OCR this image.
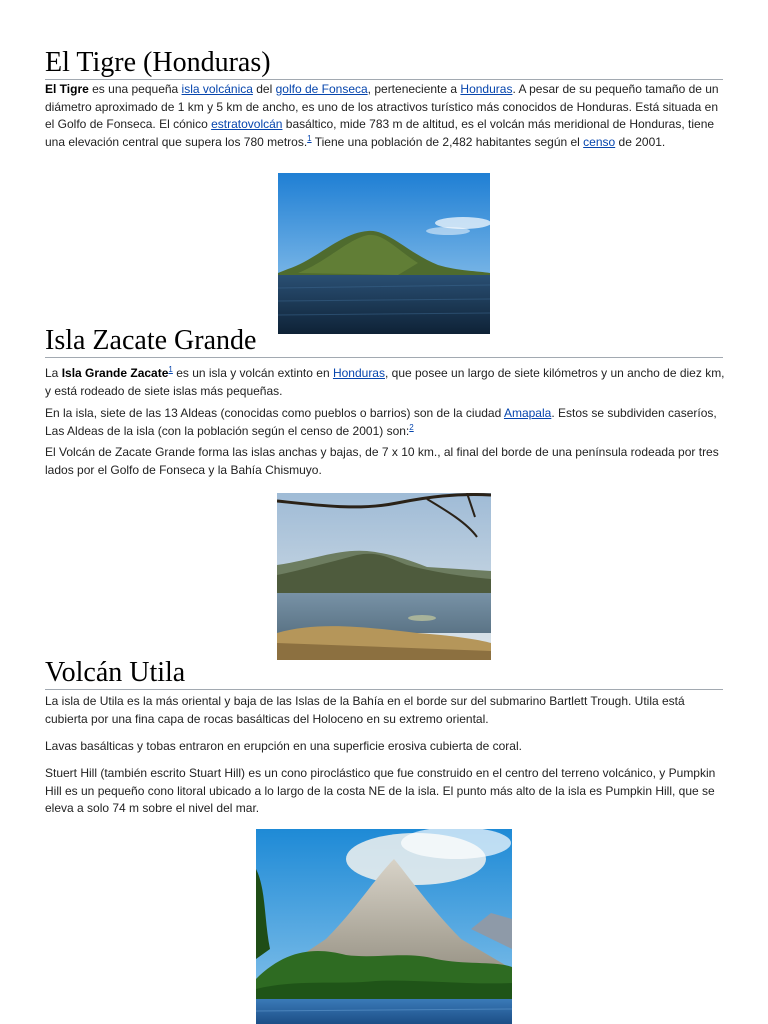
El Tigre (Honduras)

El Tigre es una pequeña isla volcánica del golfo de Fonseca, perteneciente a Honduras. A pesar de su pequeño tamaño de un diámetro aproximado de 1 km y 5 km de ancho, es uno de los atractivos turístico más conocidos de Honduras. Está situada en el Golfo de Fonseca. El cónico estratovolcán basáltico, mide 783 m de altitud, es el volcán más meridional de Honduras, tiene una elevación central que supera los 780 metros.$^1$ Tiene una población de 2,482 habitantes según el censo de 2001.

Isla Zacate Grande

La Isla Grande Zacate$^1$ es un isla y volcán extinto en Honduras, que posee un largo de siete kilómetros y un ancho de diez km, y está rodeado de siete islas más pequeñas.

En la isla, siete de las 13 Aldeas (conocidas como pueblos o barrios) son de la ciudad Amapala. Estos se subdividen caseríos, Las Aldeas de la isla (con la población según el censo de 2001) son:$^2$

El Volcán de Zacate Grande forma las islas anchas y bajas, de 7 x 10 km., al final del borde de una península rodeada por tres lados por el Golfo de Fonseca y la Bahía Chismuyo.

Volcán Utila

La isla de Utila es la más oriental y baja de las Islas de la Bahía en el borde sur del submarino Bartlett Trough. Utila está cubierta por una fina capa de rocas basálticas del Holoceno en su extremo oriental.

Lavas basálticas y tobas entraron en erupción en una superficie erosiva cubierta de coral.

Stuert Hill (también escrito Stuart Hill) es un cono piroclástico que fue construido en el centro del terreno volcánico, y Pumpkin Hill es un pequeño cono litoral ubicado a lo largo de la costa NE de la isla. El punto más alto de la isla es Pumpkin Hill, que se eleva a solo 74 m sobre el nivel del mar.
